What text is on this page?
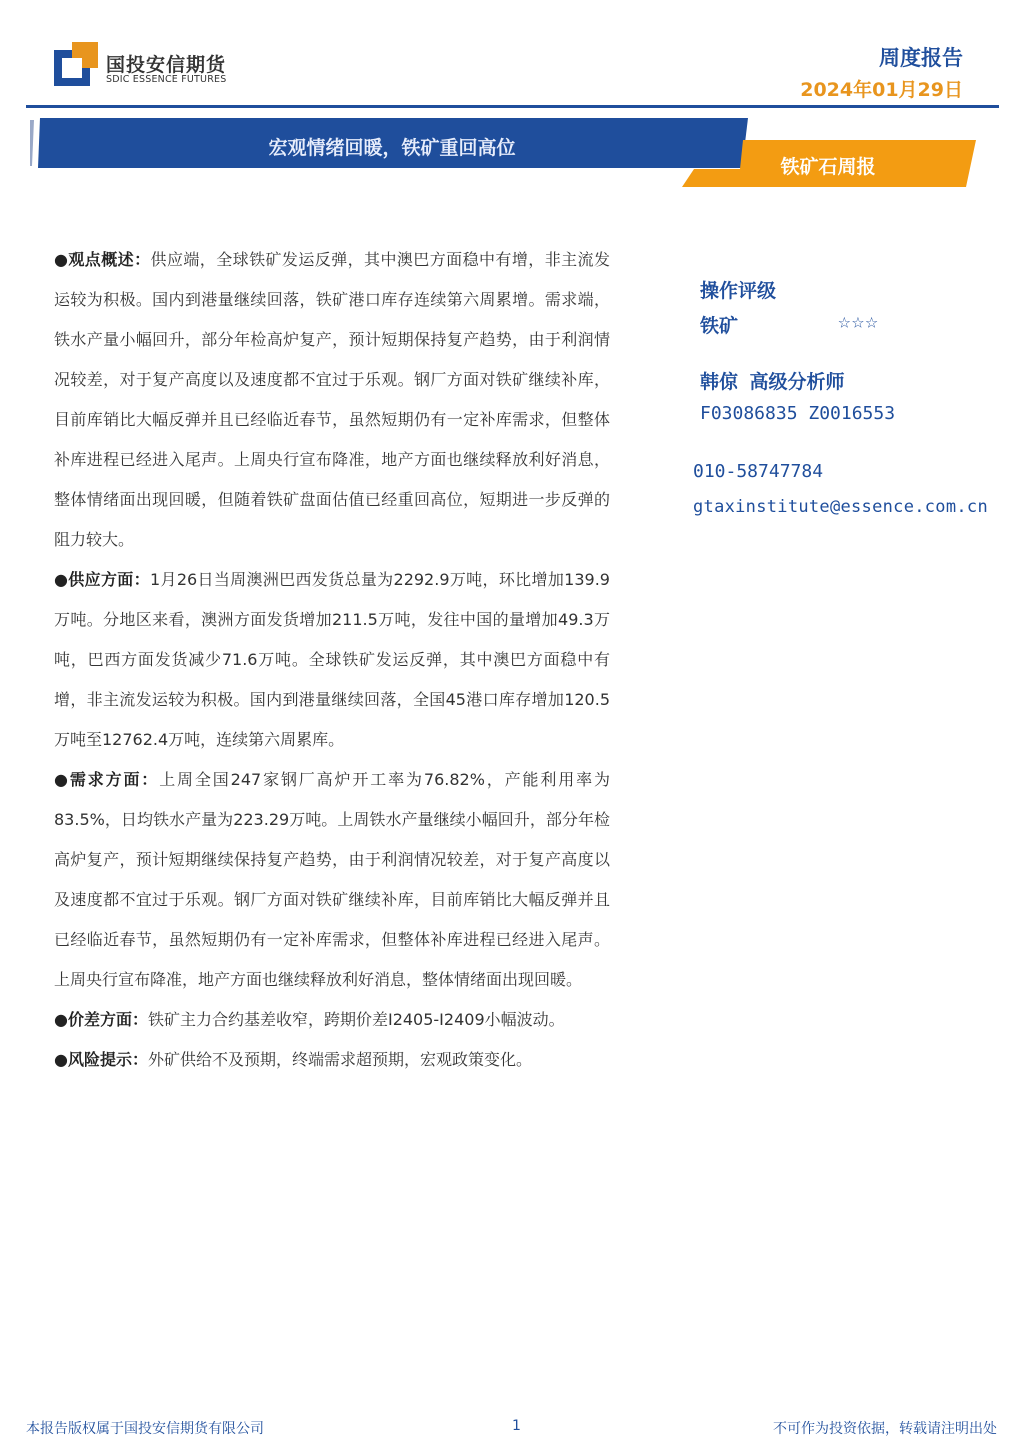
国投安信期货
SDIC ESSENCE FUTURES
周度报告
2024年01月29日
宏观情绪回暖，铁矿重回高位
铁矿石周报

●观点概述：供应端，全球铁矿发运反弹，其中澳巴方面稳中有增，非主流发运较为积极。国内到港量继续回落，铁矿港口库存连续第六周累增。需求端，铁水产量小幅回升，部分年检高炉复产，预计短期保持复产趋势，由于利润情况较差，对于复产高度以及速度都不宜过于乐观。钢厂方面对铁矿继续补库，目前库销比大幅反弹并且已经临近春节，虽然短期仍有一定补库需求，但整体补库进程已经进入尾声。上周央行宣布降准，地产方面也继续释放利好消息，整体情绪面出现回暖，但随着铁矿盘面估值已经重回高位，短期进一步反弹的阻力较大。

●供应方面：1月26日当周澳洲巴西发货总量为2292.9万吨，环比增加139.9万吨。分地区来看，澳洲方面发货增加211.5万吨，发往中国的量增加49.3万吨，巴西方面发货减少71.6万吨。全球铁矿发运反弹，其中澳巴方面稳中有增，非主流发运较为积极。国内到港量继续回落，全国45港口库存增加120.5万吨至12762.4万吨，连续第六周累库。

●需求方面：上周全国247家钢厂高炉开工率为76.82%，产能利用率为83.5%，日均铁水产量为223.29万吨。上周铁水产量继续小幅回升，部分年检高炉复产，预计短期继续保持复产趋势，由于利润情况较差，对于复产高度以及速度都不宜过于乐观。钢厂方面对铁矿继续补库，目前库销比大幅反弹并且已经临近春节，虽然短期仍有一定补库需求，但整体补库进程已经进入尾声。上周央行宣布降准，地产方面也继续释放利好消息，整体情绪面出现回暖。

●价差方面：铁矿主力合约基差收窄，跨期价差I2405-I2409小幅波动。

●风险提示：外矿供给不及预期，终端需求超预期，宏观政策变化。

操作评级
铁矿	☆☆☆
韩倞 高级分析师
F03086835 Z0016553
010-58747784
gtaxinstitute@essence.com.cn
本报告版权属于国投安信期货有限公司	1	不可作为投资依据，转载请注明出处
